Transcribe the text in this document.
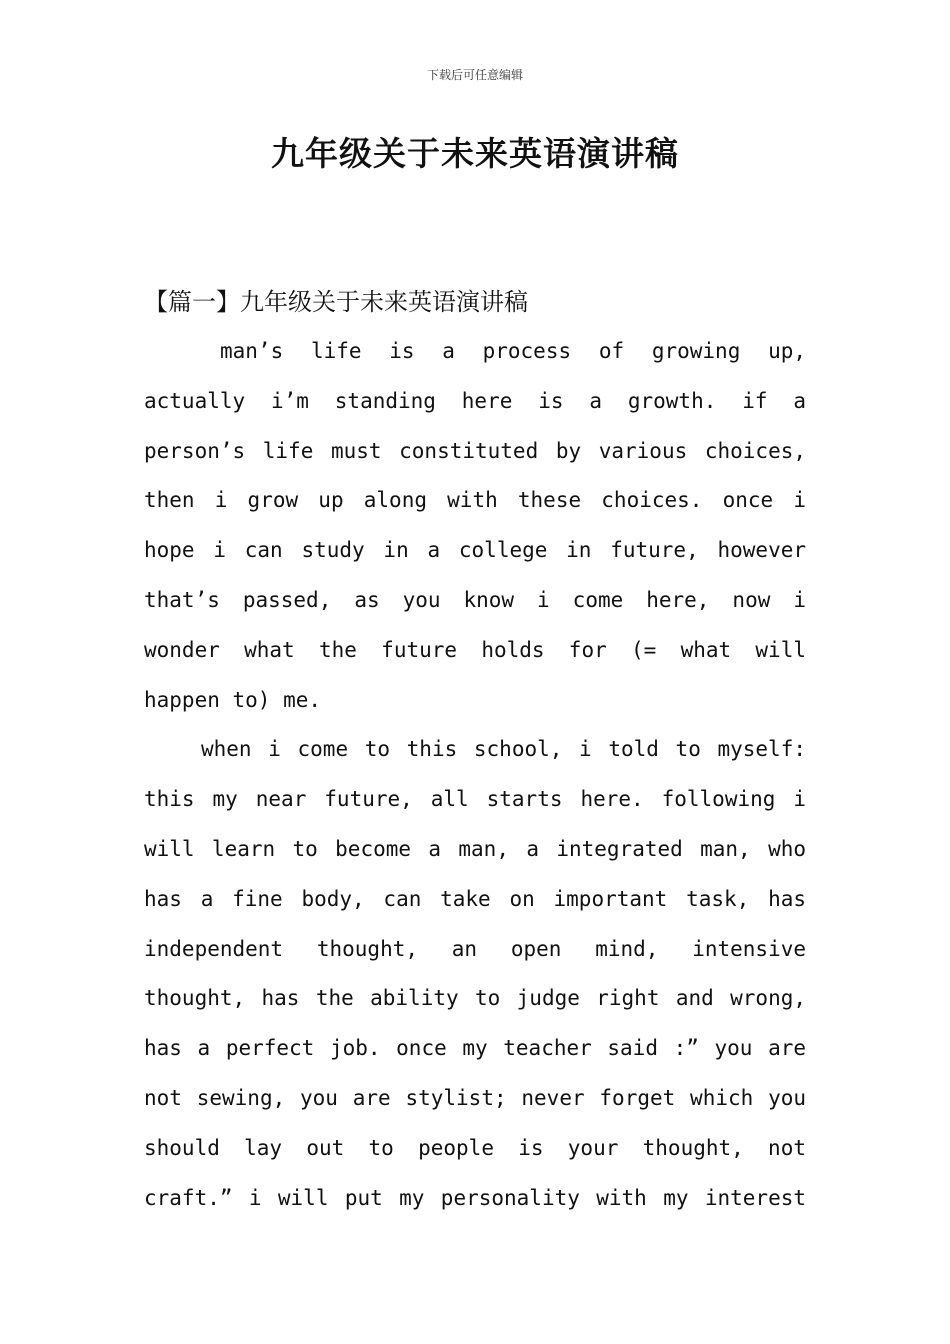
下载后可任意编辑
九年级关于未来英语演讲稿
【篇一】九年级关于未来英语演讲稿
man’s life is a process of growing up,
actually i’m standing here is a growth. if a
person’s life must constituted by various choices,
then i grow up along with these choices. once i
hope i can study in a college in future, however
that’s passed, as you know i come here, now i
wonder what the future holds for (= what will
happen to) me.
when i come to this school, i told to myself:
this my near future, all starts here. following i
will learn to become a man, a integrated man, who
has a fine body, can take on important task, has
independent thought, an open mind, intensive
thought, has the ability to judge right and wrong,
has a perfect job. once my teacher said :” you are
not sewing, you are stylist; never forget which you
should lay out to people is your thought, not
craft.” i will put my personality with my interest
